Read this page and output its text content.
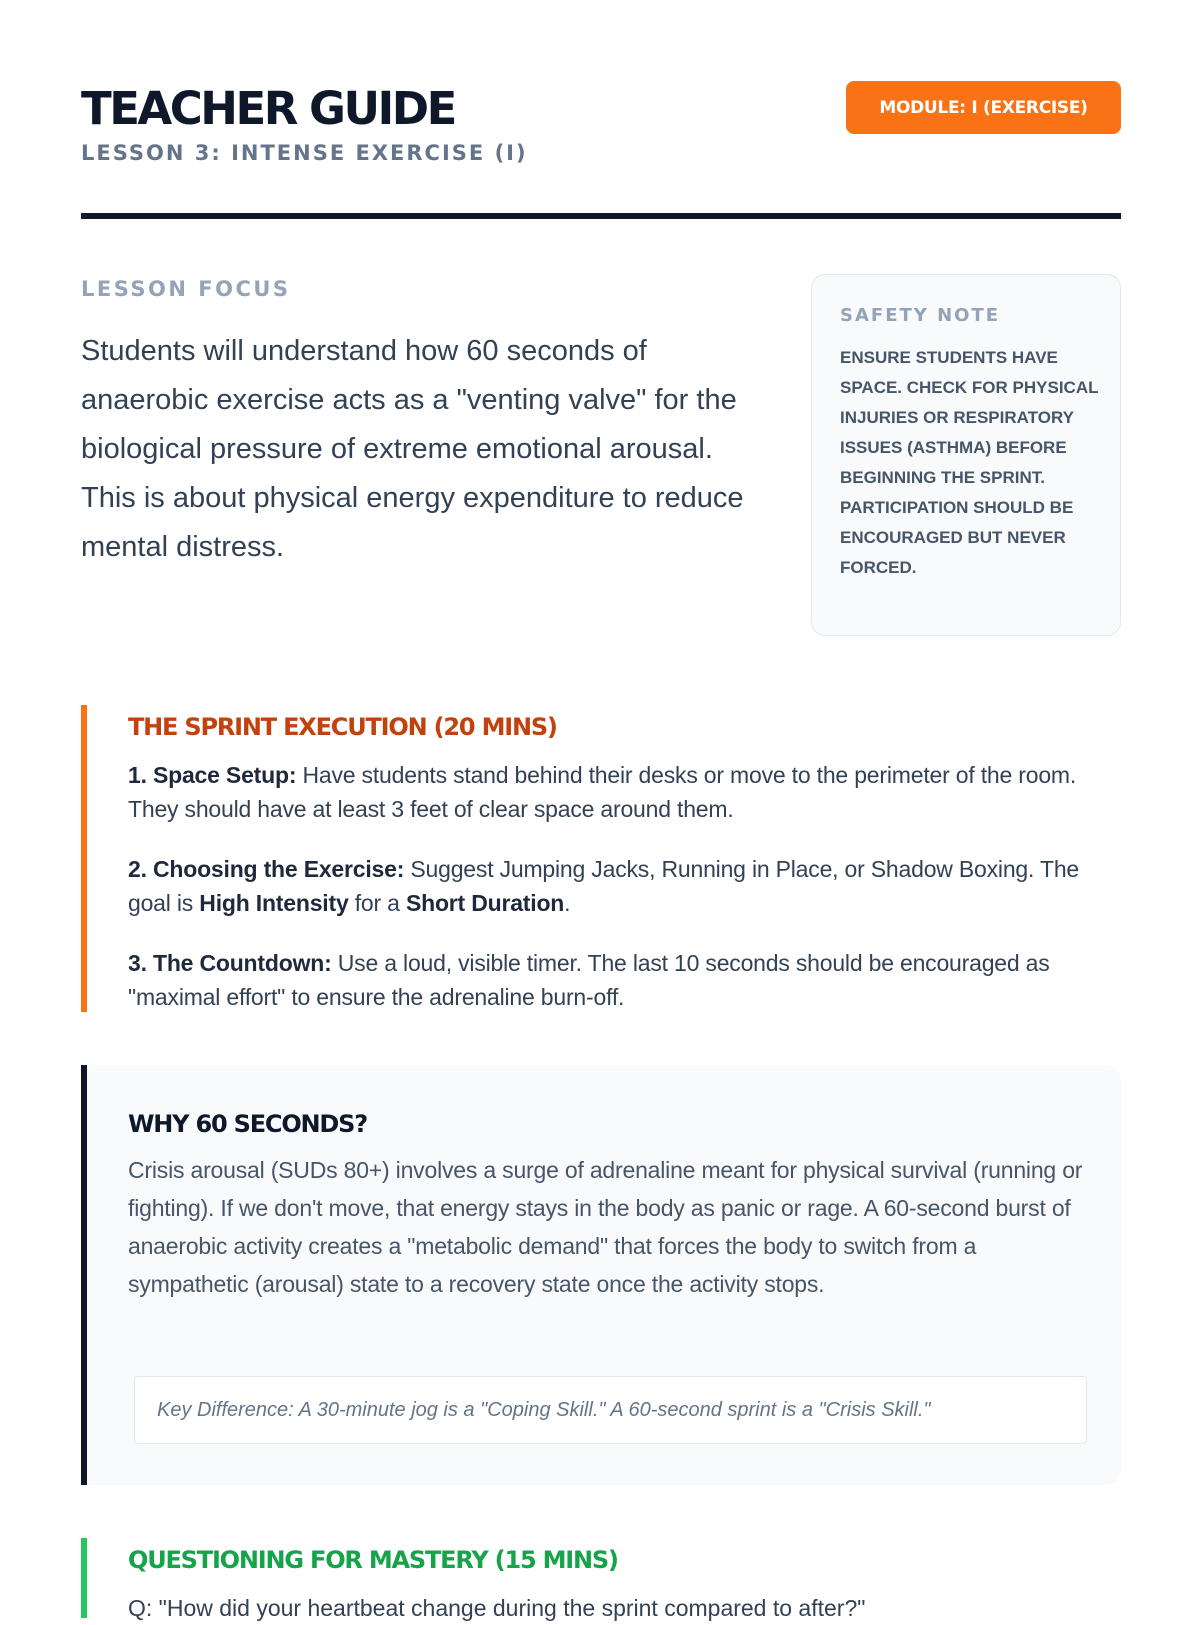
TEACHER GUIDE
LESSON 3: INTENSE EXERCISE (I)
MODULE: I (EXERCISE)
LESSON FOCUS

Students will understand how 60 seconds of anaerobic exercise acts as a "venting valve" for the biological pressure of extreme emotional arousal. This is about physical energy expenditure to reduce mental distress.

SAFETY NOTE

ENSURE STUDENTS HAVE SPACE. CHECK FOR PHYSICAL INJURIES OR RESPIRATORY ISSUES (ASTHMA) BEFORE BEGINNING THE SPRINT. PARTICIPATION SHOULD BE ENCOURAGED BUT NEVER FORCED.

THE SPRINT EXECUTION (20 MINS)

1. Space Setup: Have students stand behind their desks or move to the perimeter of the room. They should have at least 3 feet of clear space around them.

2. Choosing the Exercise: Suggest Jumping Jacks, Running in Place, or Shadow Boxing. The goal is High Intensity for a Short Duration.

3. The Countdown: Use a loud, visible timer. The last 10 seconds should be encouraged as "maximal effort" to ensure the adrenaline burn-off.

WHY 60 SECONDS?

Crisis arousal (SUDs 80+) involves a surge of adrenaline meant for physical survival (running or fighting). If we don't move, that energy stays in the body as panic or rage. A 60-second burst of anaerobic activity creates a "metabolic demand" that forces the body to switch from a sympathetic (arousal) state to a recovery state once the activity stops.

Key Difference: A 30-minute jog is a "Coping Skill." A 60-second sprint is a "Crisis Skill."
QUESTIONING FOR MASTERY (15 MINS)

Q: "How did your heartbeat change during the sprint compared to after?"
